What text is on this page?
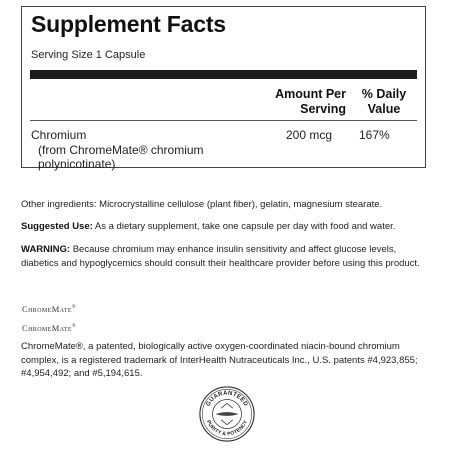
Supplement Facts
Serving Size 1 Capsule
Amount Per
Serving
% Daily
Value
Chromium
(from ChromeMate® chromium
polynicotinate)
200 mcg 167%
Other ingredients: Microcrystalline cellulose (plant fiber), gelatin, magnesium stearate.
Suggested Use: As a dietary supplement, take one capsule per day with food and water.
WARNING: Because chromium may enhance insulin sensitivity and affect glucose levels, diabetics and hypoglycemics should consult their healthcare provider before using this product.
ChromeMate®
ChromeMate®
ChromeMate®, a patented, biologically active oxygen-coordinated niacin-bound chromium complex, is a registered trademark of InterHealth Nutraceuticals Inc., U.S. patents #4,923,855; #4,954,492; and #5,194,615.
GUARANTEED
PURITY & POTENCY
